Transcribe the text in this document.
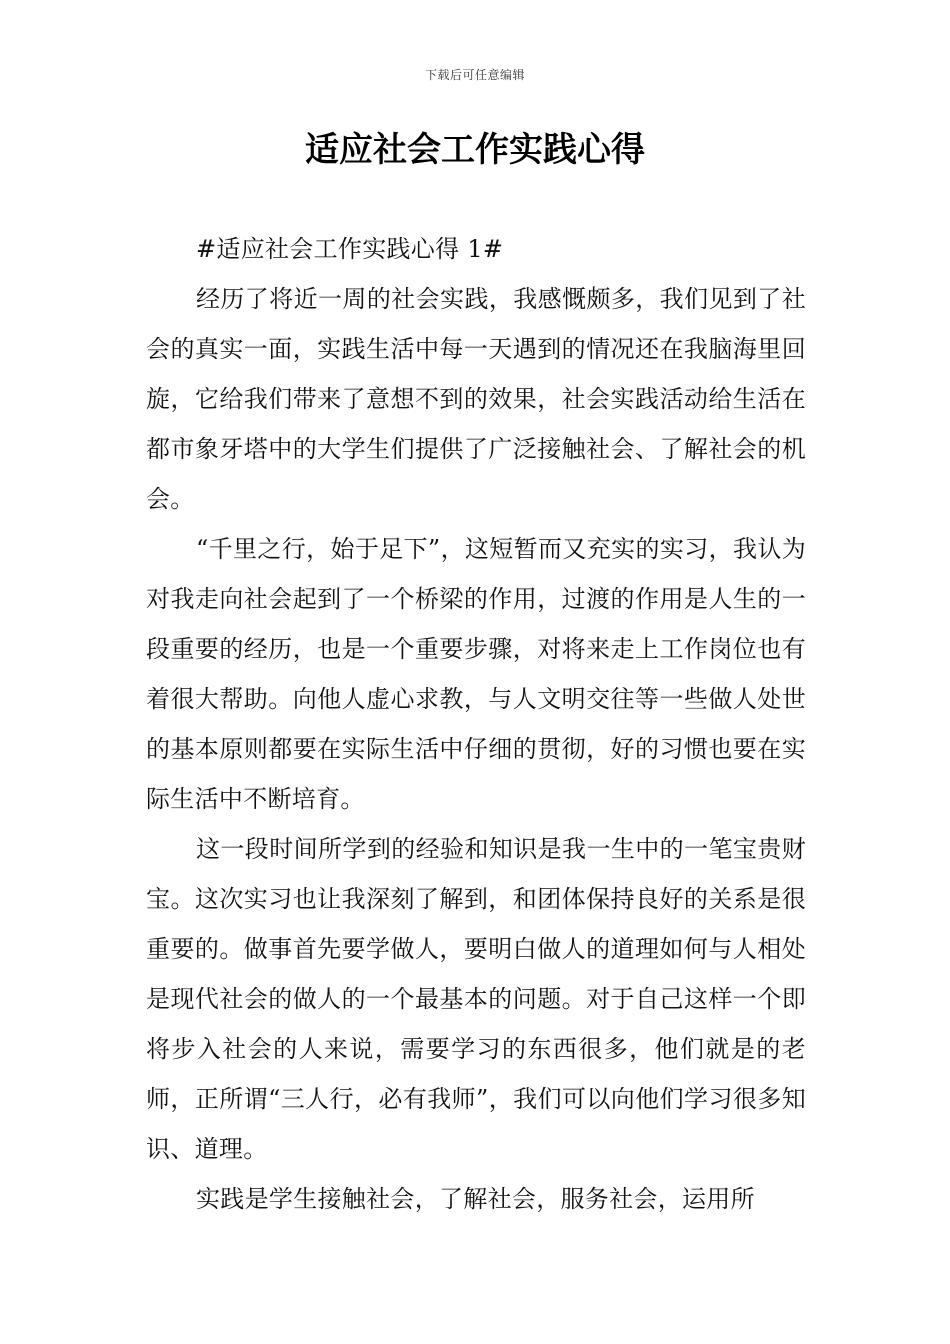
下载后可任意编辑
适应社会工作实践心得

#适应社会工作实践心得 1#

经历了将近一周的社会实践，我感慨颇多，我们见到了社会的真实一面，实践生活中每一天遇到的情况还在我脑海里回旋，它给我们带来了意想不到的效果，社会实践活动给生活在都市象牙塔中的大学生们提供了广泛接触社会、了解社会的机会。

“千里之行，始于足下”，这短暂而又充实的实习，我认为对我走向社会起到了一个桥梁的作用，过渡的作用是人生的一段重要的经历，也是一个重要步骤，对将来走上工作岗位也有着很大帮助。向他人虚心求教，与人文明交往等一些做人处世的基本原则都要在实际生活中仔细的贯彻，好的习惯也要在实际生活中不断培育。

这一段时间所学到的经验和知识是我一生中的一笔宝贵财宝。这次实习也让我深刻了解到，和团体保持良好的关系是很重要的。做事首先要学做人，要明白做人的道理如何与人相处是现代社会的做人的一个最基本的问题。对于自己这样一个即将步入社会的人来说，需要学习的东西很多，他们就是的老师，正所谓“三人行，必有我师”，我们可以向他们学习很多知识、道理。

实践是学生接触社会，了解社会，服务社会，运用所
